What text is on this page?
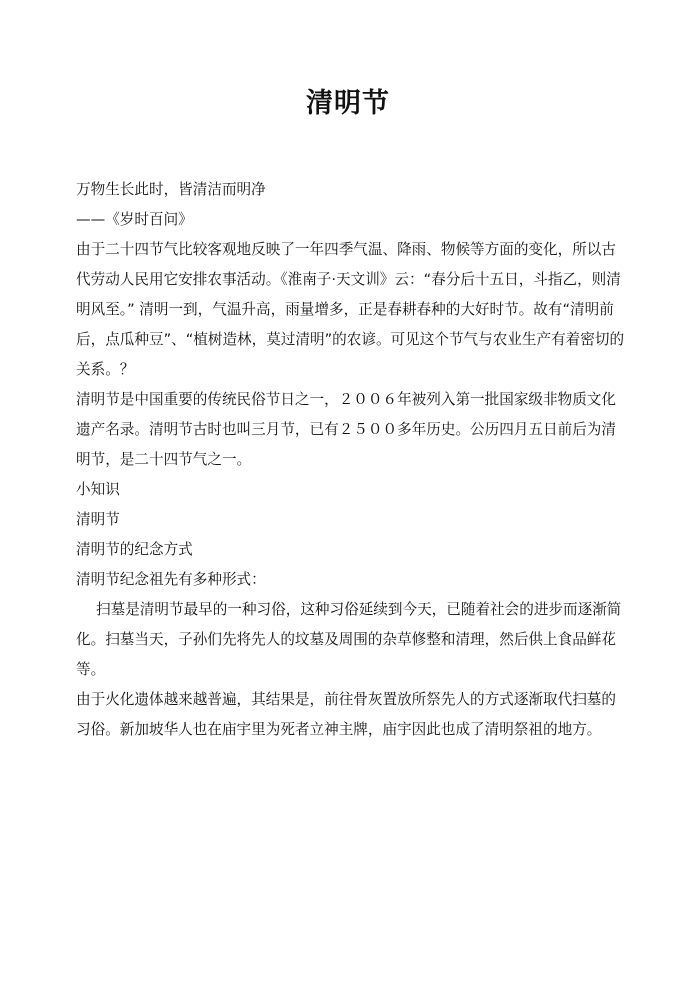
清明节

万物生长此时，皆清洁而明净

——《岁时百问》

由于二十四节气比较客观地反映了一年四季气温、降雨、物候等方面的变化，所以古代劳动人民用它安排农事活动。《淮南子·天文训》云：“春分后十五日，斗指乙，则清明风至。” 清明一到，气温升高，雨量增多，正是春耕春种的大好时节。故有“清明前后，点瓜种豆”、“植树造林，莫过清明”的农谚。可见这个节气与农业生产有着密切的关系。？

清明节是中国重要的传统民俗节日之一，２００６年被列入第一批国家级非物质文化遗产名录。清明节古时也叫三月节，已有２５００多年历史。公历四月五日前后为清明节，是二十四节气之一。

小知识

清明节

清明节的纪念方式

清明节纪念祖先有多种形式：

扫墓是清明节最早的一种习俗，这种习俗延续到今天，已随着社会的进步而逐渐简化。扫墓当天，子孙们先将先人的坟墓及周围的杂草修整和清理，然后供上食品鲜花等。

由于火化遗体越来越普遍，其结果是，前往骨灰置放所祭先人的方式逐渐取代扫墓的习俗。新加坡华人也在庙宇里为死者立神主牌，庙宇因此也成了清明祭祖的地方。
